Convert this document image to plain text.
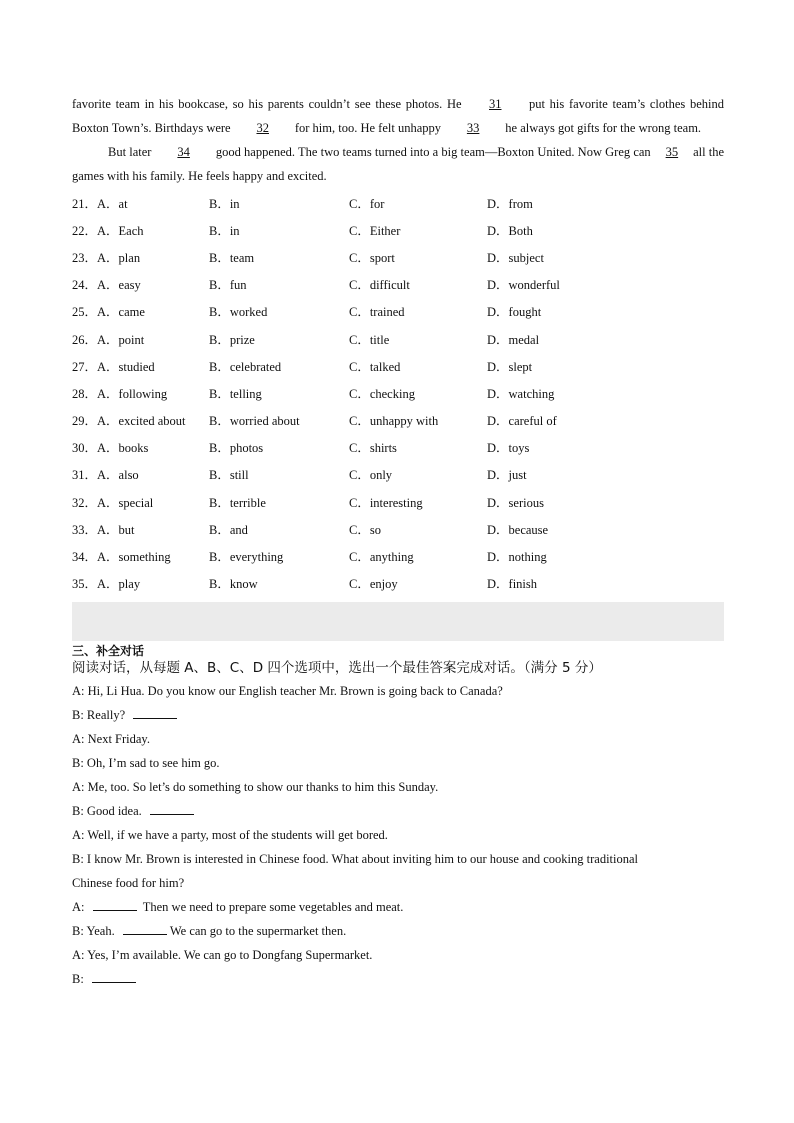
favorite team in his bookcase, so his parents couldn’t see these photos. He 31 put his favorite team’s clothes behind Boxton Town’s. Birthdays were 32 for him, too. He felt unhappy 33 he always got gifts for the wrong team.
But later 34 good happened. The two teams turned into a big team—Boxton United. Now Greg can 35 all the games with his family. He feels happy and excited.
21．A．at	B．in	C．for	D．from
22．A．Each	B．in	C．Either	D．Both
23．A．plan	B．team	C．sport	D．subject
24．A．easy	B．fun	C．difficult	D．wonderful
25．A．came	B．worked	C．trained	D．fought
26．A．point	B．prize	C．title	D．medal
27．A．studied	B．celebrated	C．talked	D．slept
28．A．following	B．telling	C．checking	D．watching
29．A．excited about	B．worried about	C．unhappy with	D．careful of
30．A．books	B．photos	C．shirts	D．toys
31．A．also	B．still	C．only	D．just
32．A．special	B．terrible	C．interesting	D．serious
33．A．but	B．and	C．so	D．because
34．A．something	B．everything	C．anything	D．nothing
35．A．play	B．know	C．enjoy	D．finish
三、补全对话
阅读对话，从每题 A、B、C、D 四个选项中，选出一个最佳答案完成对话。（满分 5 分）
A: Hi, Li Hua. Do you know our English teacher Mr. Brown is going back to Canada?
B: Really?
A: Next Friday.
B: Oh, I’m sad to see him go.
A: Me, too. So let’s do something to show our thanks to him this Sunday.
B: Good idea.
A: Well, if we have a party, most of the students will get bored.
B: I know Mr. Brown is interested in Chinese food. What about inviting him to our house and cooking traditional
Chinese food for him?
A:	Then we need to prepare some vegetables and meat.
B: Yeah.	We can go to the supermarket then.
A: Yes, I’m available. We can go to Dongfang Supermarket.
B:
